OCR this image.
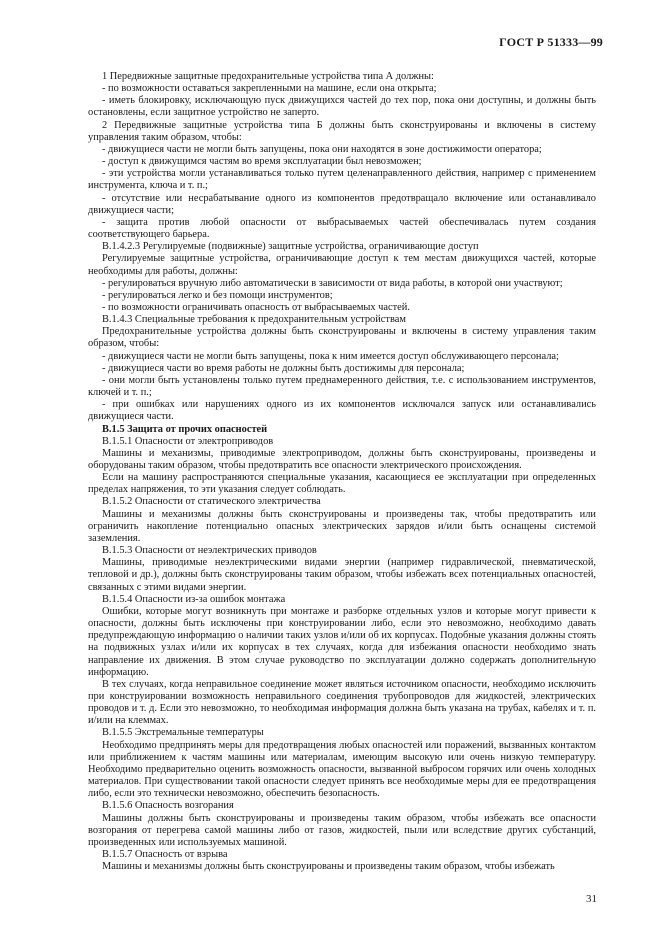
ГОСТ Р 51333—99

1 Передвижные защитные предохранительные устройства типа А должны:

- по возможности оставаться закрепленными на машине, если она открыта;

- иметь блокировку, исключающую пуск движущихся частей до тех пор, пока они доступны, и должны быть остановлены, если защитное устройство не заперто.

2 Передвижные защитные устройства типа Б должны быть сконструированы и включены в систему управления таким образом, чтобы:

- движущиеся части не могли быть запущены, пока они находятся в зоне достижимости оператора;

- доступ к движущимся частям во время эксплуатации был невозможен;

- эти устройства могли устанавливаться только путем целенаправленного действия, например с применением инструмента, ключа и т. п.;

- отсутствие или несрабатывание одного из компонентов предотвращало включение или останавливало движущиеся части;

- защита против любой опасности от выбрасываемых частей обеспечивалась путем создания соответствующего барьера.

В.1.4.2.3 Регулируемые (подвижные) защитные устройства, ограничивающие доступ

Регулируемые защитные устройства, ограничивающие доступ к тем местам движущихся частей, которые необходимы для работы, должны:

- регулироваться вручную либо автоматически в зависимости от вида работы, в которой они участвуют;

- регулироваться легко и без помощи инструментов;

- по возможности ограничивать опасность от выбрасываемых частей.

В.1.4.3 Специальные требования к предохранительным устройствам

Предохранительные устройства должны быть сконструированы и включены в систему управления таким образом, чтобы:

- движущиеся части не могли быть запущены, пока к ним имеется доступ обслуживающего персонала;

- движущиеся части во время работы не должны быть достижимы для персонала;

- они могли быть установлены только путем преднамеренного действия, т.е. с использованием инструментов, ключей и т. п.;

- при ошибках или нарушениях одного из их компонентов исключался запуск или останавливались движущиеся части.

В.1.5 Защита от прочих опасностей

В.1.5.1 Опасности от электроприводов

Машины и механизмы, приводимые электроприводом, должны быть сконструированы, произведены и оборудованы таким образом, чтобы предотвратить все опасности электрического происхождения.

Если на машину распространяются специальные указания, касающиеся ее эксплуатации при определенных пределах напряжения, то эти указания следует соблюдать.

В.1.5.2 Опасности от статического электричества

Машины и механизмы должны быть сконструированы и произведены так, чтобы предотвратить или ограничить накопление потенциально опасных электрических зарядов и/или быть оснащены системой заземления.

В.1.5.3 Опасности от неэлектрических приводов

Машины, приводимые неэлектрическими видами энергии (например гидравлической, пневматической, тепловой и др.), должны быть сконструированы таким образом, чтобы избежать всех потенциальных опасностей, связанных с этими видами энергии.

В.1.5.4 Опасности из-за ошибок монтажа

Ошибки, которые могут возникнуть при монтаже и разборке отдельных узлов и которые могут привести к опасности, должны быть исключены при конструировании либо, если это невозможно, необходимо давать предупреждающую информацию о наличии таких узлов и/или об их корпусах. Подобные указания должны стоять на подвижных узлах и/или их корпусах в тех случаях, когда для избежания опасности необходимо знать направление их движения. В этом случае руководство по эксплуатации должно содержать дополнительную информацию.

В тех случаях, когда неправильное соединение может являться источником опасности, необходимо исключить при конструировании возможность неправильного соединения трубопроводов для жидкостей, электрических проводов и т. д. Если это невозможно, то необходимая информация должна быть указана на трубах, кабелях и т. п. и/или на клеммах.

В.1.5.5 Экстремальные температуры

Необходимо предпринять меры для предотвращения любых опасностей или поражений, вызванных контактом или приближением к частям машины или материалам, имеющим высокую или очень низкую температуру. Необходимо предварительно оценить возможность опасности, вызванной выбросом горячих или очень холодных материалов. При существовании такой опасности следует принять все необходимые меры для ее предотвращения либо, если это технически невозможно, обеспечить безопасность.

В.1.5.6 Опасность возгорания

Машины должны быть сконструированы и произведены таким образом, чтобы избежать все опасности возгорания от перегрева самой машины либо от газов, жидкостей, пыли или вследствие других субстанций, произведенных или используемых машиной.

В.1.5.7 Опасность от взрыва

Машины и механизмы должны быть сконструированы и произведены таким образом, чтобы избежать

31
